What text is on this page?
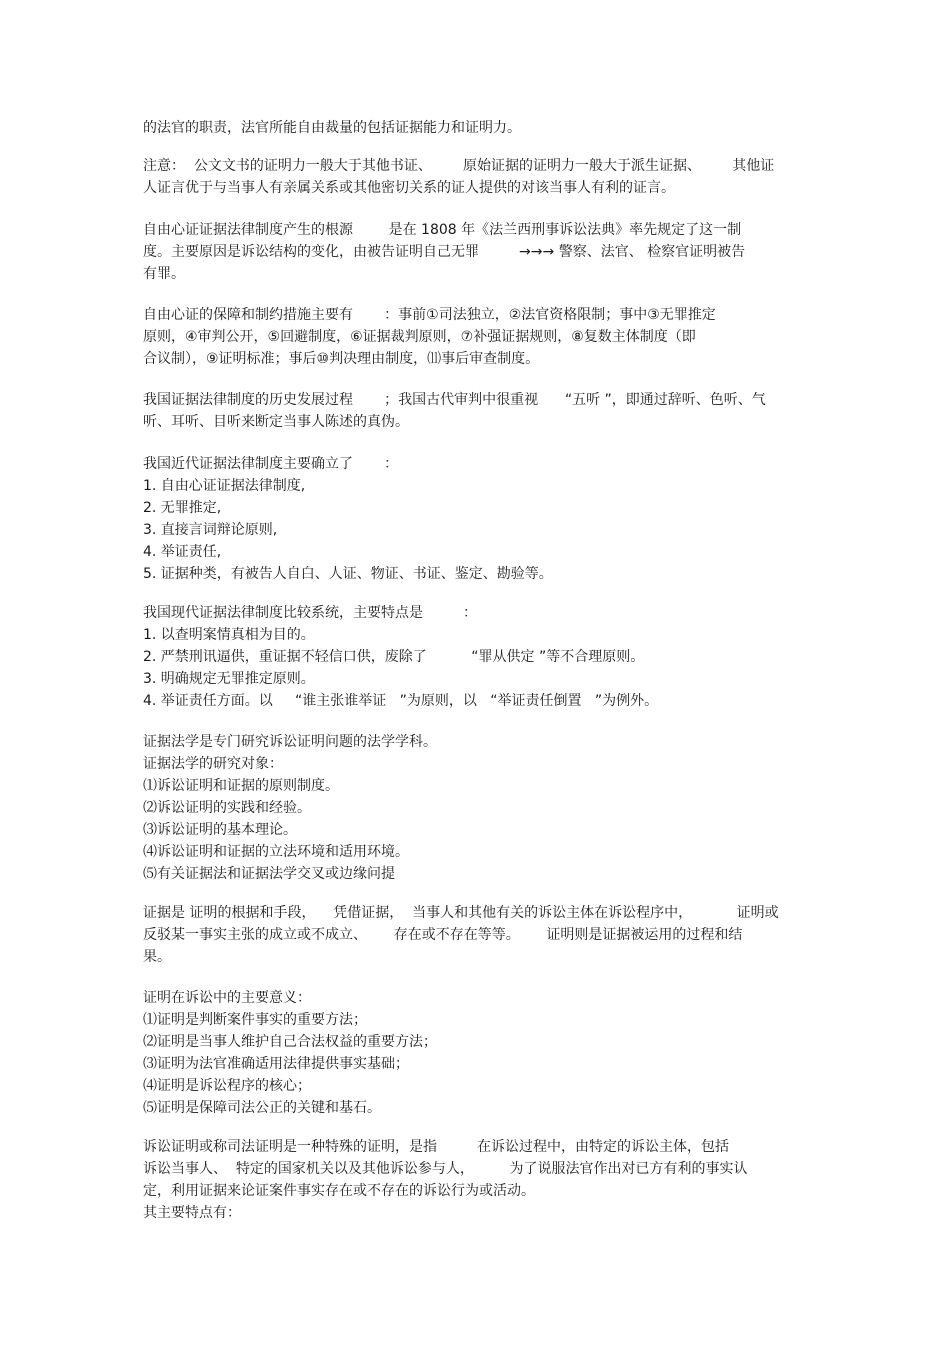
的法官的职责，法官所能自由裁量的包括证据能力和证明力。
注意：  公文文书的证明力一般大于其他书证、       原始证据的证明力一般大于派生证据、       其他证
人证言优于与当事人有亲属关系或其他密切关系的证人提供的对该当事人有利的证言。
自由心证证据法律制度产生的根源        是在 1808 年《法兰西刑事诉讼法典》率先规定了这一制
度。主要原因是诉讼结构的变化，由被告证明自己无罪         →→→ 警察、法官、 检察官证明被告
有罪。
自由心证的保障和制约措施主要有       ：事前①司法独立，②法官资格限制；事中③无罪推定
原则，④审判公开，⑤回避制度，⑥证据裁判原则，⑦补强证据规则，⑧复数主体制度（即
合议制），⑨证明标准；事后⑩判决理由制度，⑾事后审查制度。
我国证据法律制度的历史发展过程       ；我国古代审判中很重视      “五听 ”，即通过辞听、色听、气
听、耳听、目听来断定当事人陈述的真伪。
我国近代证据法律制度主要确立了       ：
1. 自由心证证据法律制度,
2. 无罪推定,
3. 直接言词辩论原则,
4. 举证责任,
5. 证据种类，有被告人自白、人证、物证、书证、鉴定、勘验等。
我国现代证据法律制度比较系统，主要特点是         ：
1. 以查明案情真相为目的。
2. 严禁刑讯逼供，重证据不轻信口供，废除了          “罪从供定 ”等不合理原则。
3. 明确规定无罪推定原则。
4. 举证责任方面。以     “谁主张谁举证   ”为原则，以   “举证责任倒置   ”为例外。
证据法学是专门研究诉讼证明问题的法学学科。
证据法学的研究对象：
⑴诉讼证明和证据的原则制度。
⑵诉讼证明的实践和经验。
⑶诉讼证明的基本理论。
⑷诉讼证明和证据的立法环境和适用环境。
⑸有关证据法和证据法学交叉或边缘问提
证据是 证明的根据和手段，    凭借证据，  当事人和其他有关的诉讼主体在诉讼程序中，          证明或
反驳某一事实主张的成立或不成立、      存在或不存在等等。      证明则是证据被运用的过程和结
果。
证明在诉讼中的主要意义：
⑴证明是判断案件事实的重要方法；
⑵证明是当事人维护自己合法权益的重要方法；
⑶证明为法官准确适用法律提供事实基础；
⑷证明是诉讼程序的核心；
⑸证明是保障司法公正的关键和基石。
诉讼证明或称司法证明是一种特殊的证明，是指         在诉讼过程中，由特定的诉讼主体，包括
诉讼当事人、  特定的国家机关以及其他诉讼参与人，        为了说服法官作出对已方有利的事实认
定，利用证据来论证案件事实存在或不存在的诉讼行为或活动。
其主要特点有：
